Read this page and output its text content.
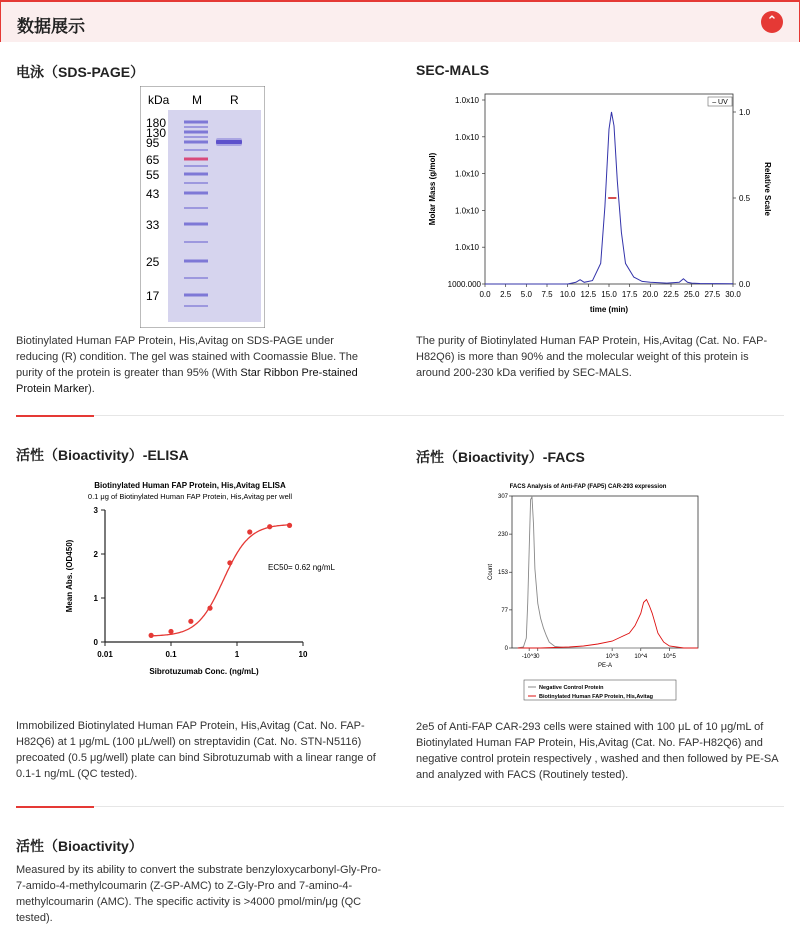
数据展示	⌃
电泳（SDS-PAGE）
kDa M R
180
130
95
65
55
43
33
25
17
Biotinylated Human FAP Protein, His,Avitag on SDS-PAGE under reducing (R) condition. The gel was stained with Coomassie Blue. The purity of the protein is greater than 95% (With Star Ribbon Pre-stained Protein Marker).
SEC-MALS
0.0 2.5 5.0 7.5 10.0 12.5 15.0 17.5 20.0 22.5 25.0 27.5 30.0
1000.000
1.0x10
1.0x10
1.0x10
1.0x10
1.0x10
0.0
0.5
1.0
time (min)
Molar Mass (g/mol)	Relative Scale
– UV
The purity of Biotinylated Human FAP Protein, His,Avitag (Cat. No. FAP-H82Q6) is more than 90% and the molecular weight of this protein is around 200-230 kDa verified by SEC-MALS.
活性（Bioactivity）-ELISA
Biotinylated Human FAP Protein, His,Avitag ELISA
0.1 μg of Biotinylated Human FAP Protein, His,Avitag per well
0
1
2
3
0.01	0.1	1	10
Sibrotuzumab Conc. (ng/mL)
Mean Abs. (OD450)	EC50= 0.62 ng/mL
Immobilized Biotinylated Human FAP Protein, His,Avitag (Cat. No. FAP-H82Q6) at 1 μg/mL (100 μL/well) on streptavidin (Cat. No. STN-N5116) precoated (0.5 μg/well) plate can bind Sibrotuzumab with a linear range of 0.1-1 ng/mL (QC tested).
活性（Bioactivity）-FACS
FACS Analysis of Anti-FAP (FAP5) CAR-293 expression
0
77
153
230
307
-10^3 0	10^3	10^4	10^5
PE-A
Count
Negative Control Protein
Biotinylated Human FAP Protein, His,Avitag
2e5 of Anti-FAP CAR-293 cells were stained with 100 μL of 10 μg/mL of Biotinylated Human FAP Protein, His,Avitag (Cat. No. FAP-H82Q6) and negative control protein respectively , washed and then followed by PE-SA and analyzed with FACS (Routinely tested).
活性（Bioactivity）
Measured by its ability to convert the substrate benzyloxycarbonyl-Gly-Pro-7-amido-4-methylcoumarin (Z-GP-AMC) to Z-Gly-Pro and 7-amino-4-methylcoumarin (AMC). The specific activity is >4000 pmol/min/μg (QC tested).
